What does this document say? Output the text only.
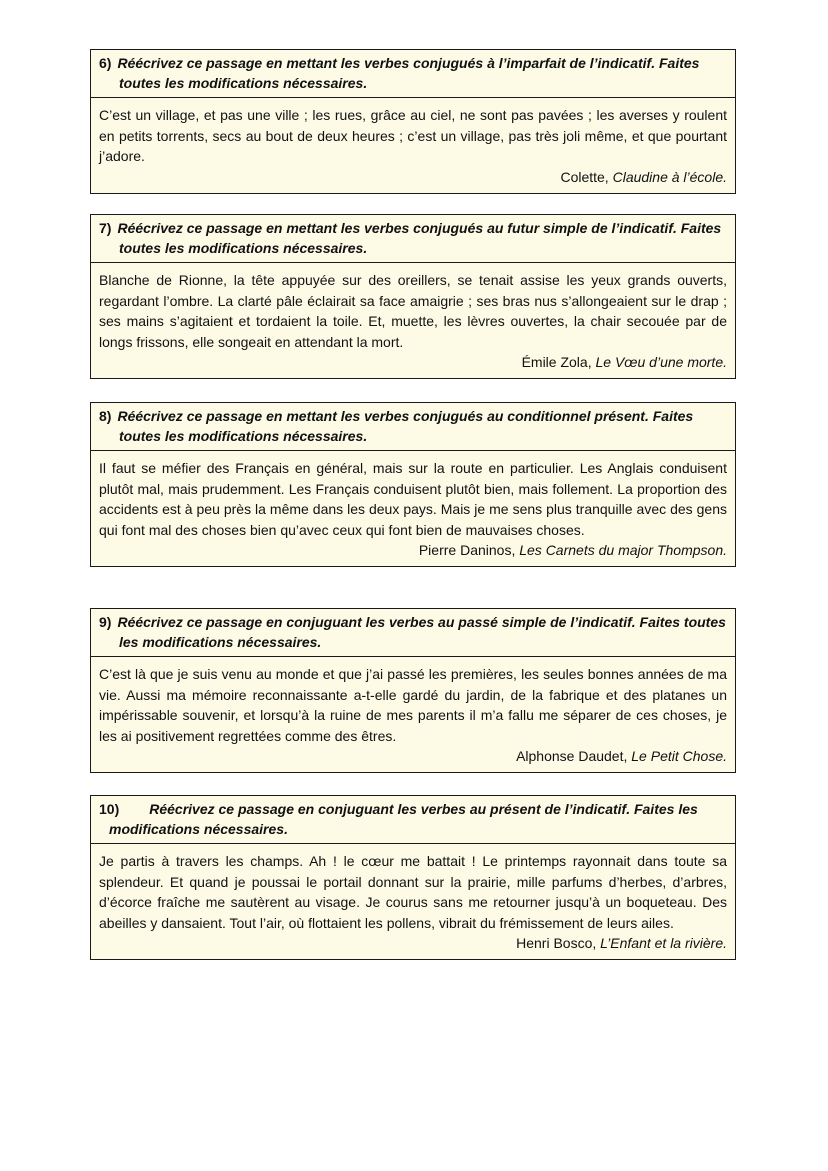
6) Réécrivez ce passage en mettant les verbes conjugués à l’imparfait de l’indicatif. Faites
toutes les modifications nécessaires.
C’est un village, et pas une ville ; les rues, grâce au ciel, ne sont pas pavées ; les averses y roulent en petits torrents, secs au bout de deux heures ; c’est un village, pas très joli même, et que pourtant j’adore.
Colette, Claudine à l’école.
7) Réécrivez ce passage en mettant les verbes conjugués au futur simple de l’indicatif. Faites
toutes les modifications nécessaires.
Blanche de Rionne, la tête appuyée sur des oreillers, se tenait assise les yeux grands ouverts, regardant l’ombre. La clarté pâle éclairait sa face amaigrie ; ses bras nus s’allongeaient sur le drap ; ses mains s’agitaient et tordaient la toile. Et, muette, les lèvres ouvertes, la chair secouée par de longs frissons, elle songeait en attendant la mort.
Émile Zola, Le Vœu d’une morte.
8) Réécrivez ce passage en mettant les verbes conjugués au conditionnel présent. Faites
toutes les modifications nécessaires.
Il faut se méfier des Français en général, mais sur la route en particulier. Les Anglais conduisent plutôt mal, mais prudemment. Les Français conduisent plutôt bien, mais follement. La proportion des accidents est à peu près la même dans les deux pays. Mais je me sens plus tranquille avec des gens qui font mal des choses bien qu’avec ceux qui font bien de mauvaises choses.
Pierre Daninos, Les Carnets du major Thompson.
9) Réécrivez ce passage en conjuguant les verbes au passé simple de l’indicatif. Faites toutes
les modifications nécessaires.
C’est là que je suis venu au monde et que j’ai passé les premières, les seules bonnes années de ma vie. Aussi ma mémoire reconnaissante a-t-elle gardé du jardin, de la fabrique et des platanes un impérissable souvenir, et lorsqu’à la ruine de mes parents il m’a fallu me séparer de ces choses, je les ai positivement regrettées comme des êtres.
Alphonse Daudet, Le Petit Chose.
10) Réécrivez ce passage en conjuguant les verbes au présent de l’indicatif. Faites les
modifications nécessaires.
Je partis à travers les champs. Ah ! le cœur me battait ! Le printemps rayonnait dans toute sa splendeur. Et quand je poussai le portail donnant sur la prairie, mille parfums d’herbes, d’arbres, d’écorce fraîche me sautèrent au visage. Je courus sans me retourner jusqu’à un boqueteau. Des abeilles y dansaient. Tout l’air, où flottaient les pollens, vibrait du frémissement de leurs ailes.
Henri Bosco, L’Enfant et la rivière.
